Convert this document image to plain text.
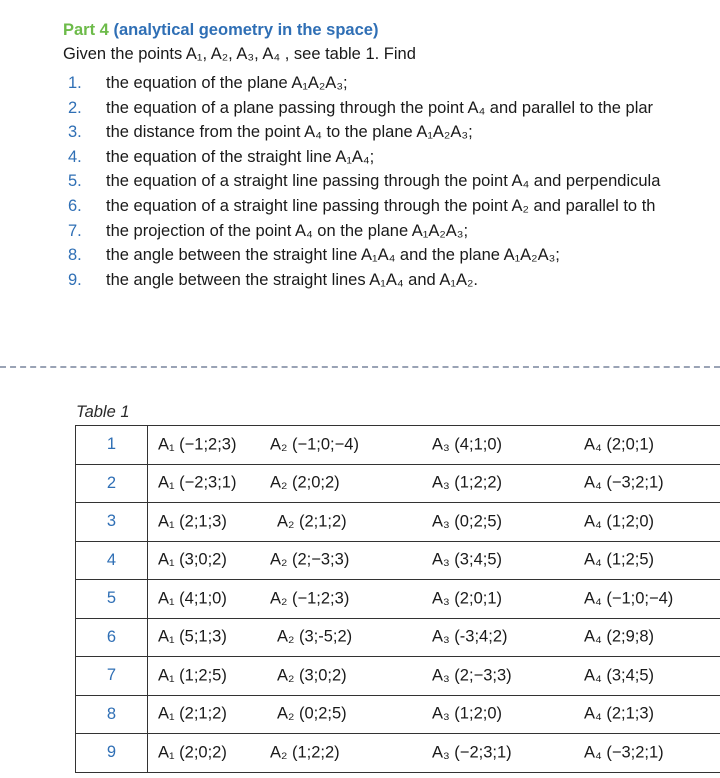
Part 4 (analytical geometry in the space)
Given the points A₁, A₂, A₃, A₄ , see table 1. Find
1.	the equation of the plane A₁A₂A₃;
2.	the equation of a plane passing through the point A₄ and parallel to the plar
3.	the distance from the point A₄ to the plane A₁A₂A₃;
4.	the equation of the straight line A₁A₄;
5.	the equation of a straight line passing through the point A₄ and perpendicula
6.	the equation of a straight line passing through the point A₂ and parallel to th
7.	the projection of the point A₄ on the plane A₁A₂A₃;
8.	the angle between the straight line A₁A₄ and the plane A₁A₂A₃;
9.	the angle between the straight lines A₁A₄ and A₁A₂.
Table 1
1	A₁ (−1;2;3) A₂ (−1;0;−4) A₃ (4;1;0) A₄ (2;0;1)

2	A₁ (−2;3;1) A₂ (2;0;2) A₃ (1;2;2) A₄ (−3;2;1)

3	A₁ (2;1;3) A₂ (2;1;2) A₃ (0;2;5) A₄ (1;2;0)

4	A₁ (3;0;2) A₂ (2;−3;3) A₃ (3;4;5) A₄ (1;2;5)

5	A₁ (4;1;0) A₂ (−1;2;3) A₃ (2;0;1) A₄ (−1;0;−4)

6	A₁ (5;1;3) A₂ (3;-5;2) A₃ (-3;4;2) A₄ (2;9;8)

7	A₁ (1;2;5) A₂ (3;0;2) A₃ (2;−3;3) A₄ (3;4;5)

8	A₁ (2;1;2) A₂ (0;2;5) A₃ (1;2;0) A₄ (2;1;3)

9	A₁ (2;0;2) A₂ (1;2;2) A₃ (−2;3;1) A₄ (−3;2;1)
